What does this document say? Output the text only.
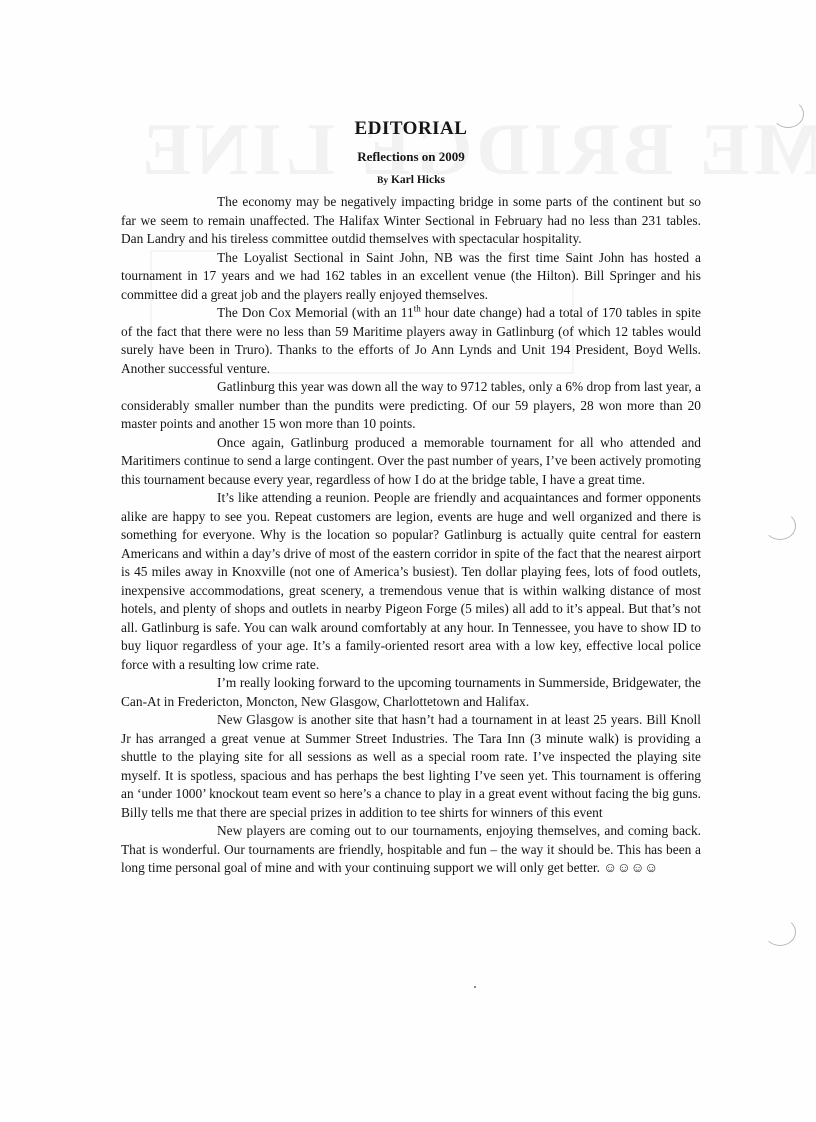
EDITORIAL
Reflections on 2009
By Karl Hicks

The economy may be negatively impacting bridge in some parts of the continent but so far we seem to remain unaffected. The Halifax Winter Sectional in February had no less than 231 tables. Dan Landry and his tireless committee outdid themselves with spectacular hospitality.

The Loyalist Sectional in Saint John, NB was the first time Saint John has hosted a tournament in 17 years and we had 162 tables in an excellent venue (the Hilton). Bill Springer and his committee did a great job and the players really enjoyed themselves.

The Don Cox Memorial (with an 11th hour date change) had a total of 170 tables in spite of the fact that there were no less than 59 Maritime players away in Gatlinburg (of which 12 tables would surely have been in Truro). Thanks to the efforts of Jo Ann Lynds and Unit 194 President, Boyd Wells. Another successful venture.

Gatlinburg this year was down all the way to 9712 tables, only a 6% drop from last year, a considerably smaller number than the pundits were predicting. Of our 59 players, 28 won more than 20 master points and another 15 won more than 10 points.

Once again, Gatlinburg produced a memorable tournament for all who attended and Maritimers continue to send a large contingent. Over the past number of years, I’ve been actively promoting this tournament because every year, regardless of how I do at the bridge table, I have a great time.

It’s like attending a reunion. People are friendly and acquaintances and former opponents alike are happy to see you. Repeat customers are legion, events are huge and well organized and there is something for everyone. Why is the location so popular? Gatlinburg is actually quite central for eastern Americans and within a day’s drive of most of the eastern corridor in spite of the fact that the nearest airport is 45 miles away in Knoxville (not one of America’s busiest). Ten dollar playing fees, lots of food outlets, inexpensive accommodations, great scenery, a tremendous venue that is within walking distance of most hotels, and plenty of shops and outlets in nearby Pigeon Forge (5 miles) all add to it’s appeal. But that’s not all. Gatlinburg is safe. You can walk around comfortably at any hour. In Tennessee, you have to show ID to buy liquor regardless of your age. It’s a family-oriented resort area with a low key, effective local police force with a resulting low crime rate.

I’m really looking forward to the upcoming tournaments in Summerside, Bridgewater, the Can-At in Fredericton, Moncton, New Glasgow, Charlottetown and Halifax.

New Glasgow is another site that hasn’t had a tournament in at least 25 years. Bill Knoll Jr has arranged a great venue at Summer Street Industries. The Tara Inn (3 minute walk) is providing a shuttle to the playing site for all sessions as well as a special room rate. I’ve inspected the playing site myself. It is spotless, spacious and has perhaps the best lighting I’ve seen yet. This tournament is offering an ‘under 1000’ knockout team event so here’s a chance to play in a great event without facing the big guns. Billy tells me that there are special prizes in addition to tee shirts for winners of this event

New players are coming out to our tournaments, enjoying themselves, and coming back. That is wonderful. Our tournaments are friendly, hospitable and fun – the way it should be. This has been a long time personal goal of mine and with your continuing support we will only get better. ☺☺☺☺
